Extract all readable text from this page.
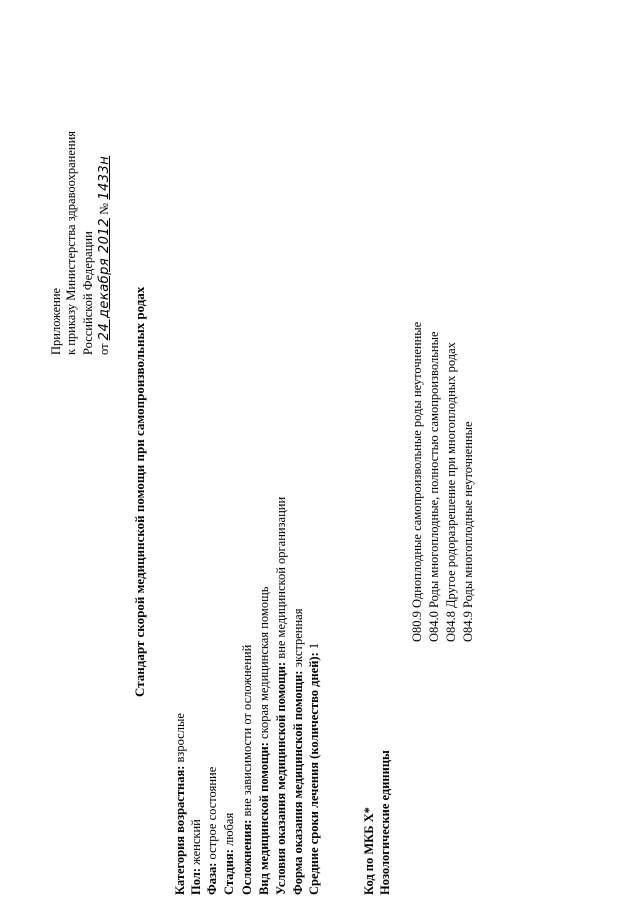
Приложение к приказу Министерства здравоохранения Российской Федерации от 24 декабря 2012 № 1433н
Стандарт скорой медицинской помощи при самопроизвольных родах
Категория возрастная: взрослые
Пол: женский
Фаза: острое состояние
Стадия: любая Осложнения: вне зависимости от осложнений
Вид медицинской помощи: скорая медицинская помощь Условия оказания медицинской помощи: вне медицинской организации
Форма оказания медицинской помощи: экстренная
Средние сроки лечения (количество дней): 1
Код по МКБ X* Нозологические единицы
O80.9Одноплодные самопроизвольные роды неуточненные
O84.0Роды многоплодные, полностью самопроизвольные
O84.8Другое родоразрешение при многоплодных родах
O84.9Роды многоплодные неуточненные
